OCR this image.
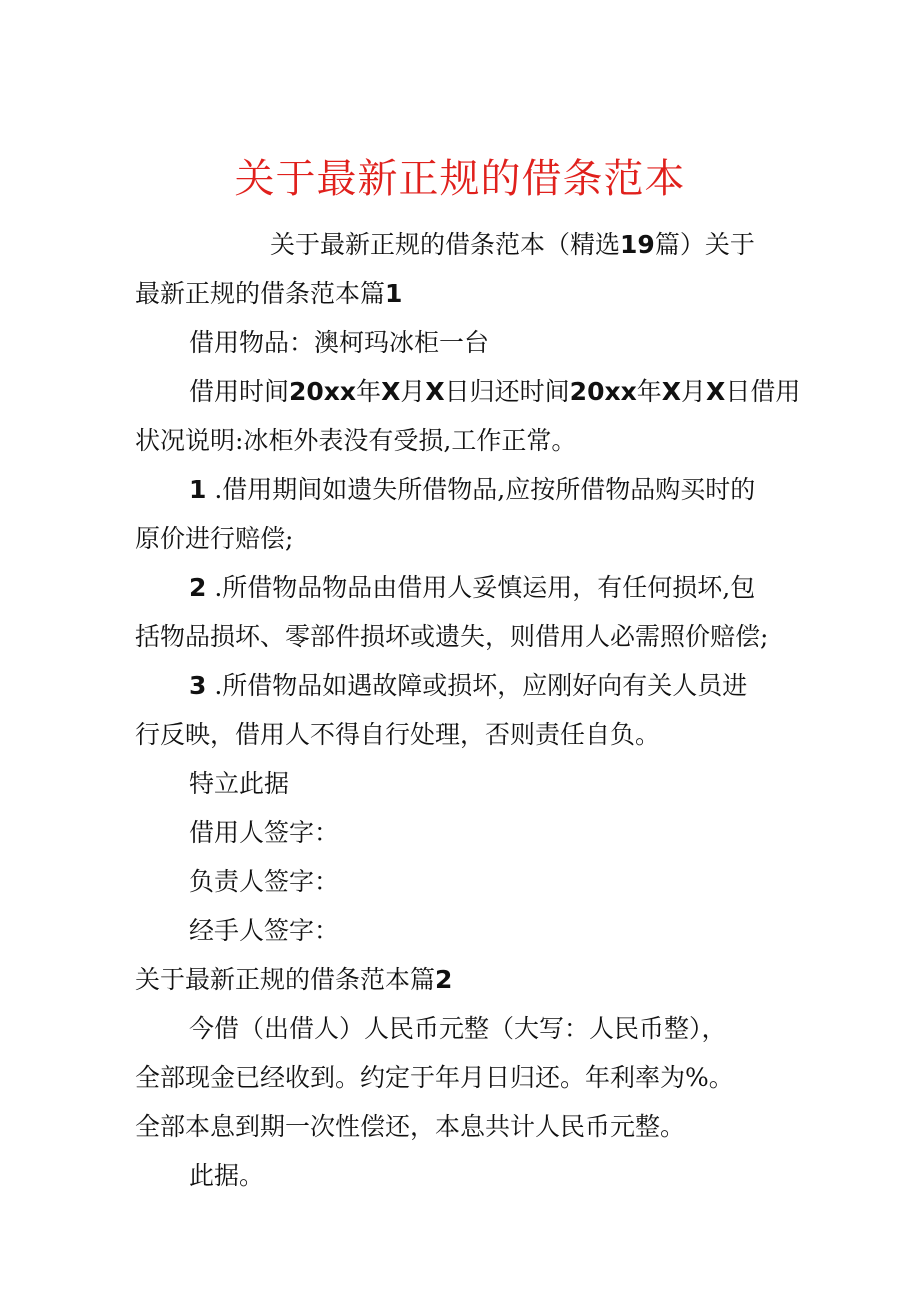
关于最新正规的借条范本

关于最新正规的借条范本（精选19篇）关于

最新正规的借条范本篇1

借用物品：澳柯玛冰柜一台

借用时间20xx年X月X日归还时间20xx年X月X日借用

状况说明:冰柜外表没有受损,工作正常。

1 .借用期间如遗失所借物品,应按所借物品购买时的

原价进行赔偿;

2 .所借物品物品由借用人妥慎运用，有任何损坏,包

括物品损坏、零部件损坏或遗失，则借用人必需照价赔偿;

3 .所借物品如遇故障或损坏，应刚好向有关人员进

行反映，借用人不得自行处理，否则责任自负。

特立此据

借用人签字：

负责人签字：

经手人签字：

关于最新正规的借条范本篇2

今借（出借人）人民币元整（大写：人民币整），

全部现金已经收到。约定于年月日归还。年利率为%。

全部本息到期一次性偿还，本息共计人民币元整。

此据。
